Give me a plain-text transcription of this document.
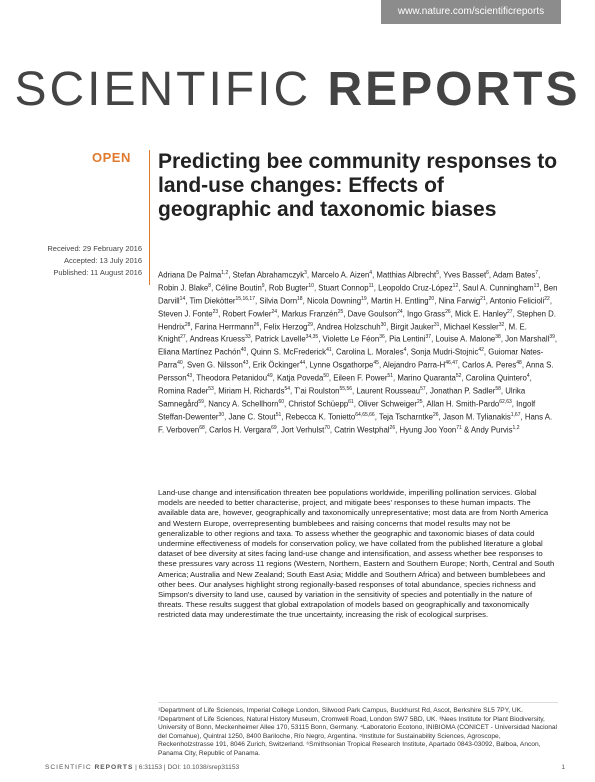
www.nature.com/scientificreports
SCIENTIFIC REPORTS
OPEN Predicting bee community responses to land-use changes: Effects of geographic and taxonomic biases
Received: 29 February 2016
Accepted: 13 July 2016
Published: 11 August 2016 Adriana De Palma$^{1,2}$, Stefan Abrahamczyk$^3$, Marcelo A. Aizen$^4$, Matthias Albrecht$^5$, Yves Basset$^6$, Adam Bates$^7$, Robin J. Blake$^8$, Céline Boutin$^9$, Rob Bugter$^{10}$, Stuart Connop$^{11}$, Leopoldo Cruz-López$^{12}$, Saul A. Cunningham$^{13}$, Ben Darvill$^{14}$, Tim Diekötter$^{15,16,17}$, Silvia Dorn$^{18}$, Nicola Downing$^{19}$, Martin H. Entling$^{20}$, Nina Farwig$^{21}$, Antonio Felicioli$^{22}$, Steven J. Fonte$^{23}$, Robert Fowler$^{24}$, Markus Franzén$^{25}$, Dave Goulson$^{24}$, Ingo Grass$^{26}$, Mick E. Hanley$^{27}$, Stephen D. Hendrix$^{28}$, Farina Herrmann$^{26}$, Felix Herzog$^{29}$, Andrea Holzschuh$^{30}$, Birgit Jauker$^{31}$, Michael Kessler$^{32}$, M. E. Knight$^{27}$, Andreas Kruess$^{33}$, Patrick Lavelle$^{34,35}$, Violette Le Féon$^{36}$, Pia Lentini$^{37}$, Louise A. Malone$^{38}$, Jon Marshall$^{39}$, Eliana Martínez Pachón$^{40}$, Quinn S. McFrederick$^{41}$, Carolina L. Morales$^4$, Sonja Mudri-Stojnic$^{42}$, Guiomar Nates-Parra$^{40}$, Sven G. Nilsson$^{43}$, Erik Öckinger$^{44}$, Lynne Osgathorpe$^{45}$, Alejandro Parra-$H^{46,47}$, Carlos A. Peres$^{48}$, Anna S. Persson$^{43}$, Theodora Petanidou$^{49}$, Katja Poveda$^{50}$, Eileen F. Power$^{51}$, Marino Quaranta$^{52}$, Carolina Quintero$^4$, Romina Rader$^{53}$, Miriam H. Richards$^{54}$, T'ai Roulston$^{55,56}$, Laurent Rousseau$^{57}$, Jonathan P. Sadler$^{58}$, Ulrika Samnegård$^{59}$, Nancy A. Schellhorn$^{60}$, Christof Schüepp$^{61}$, Oliver Schweiger$^{25}$, Allan H. Smith-Pardo$^{62,63}$, Ingolf Steffan-Dewenter$^{30}$, Jane C. Stout$^{51}$, Rebecca K. Tonietto$^{64,65,66}$, Teja Tscharntke$^{26}$, Jason M. Tylianakis$^{1,67}$, Hans A. F. Verboven$^{68}$, Carlos H. Vergara$^{69}$, Jort Verhulst$^{70}$, Catrin Westphal$^{26}$, Hyung Joo Yoon$^{71}$ & Andy Purvis$^{1,2}$

Land-use change and intensification threaten bee populations worldwide, imperilling pollination services. Global models are needed to better characterise, project, and mitigate bees' responses to these human impacts. The available data are, however, geographically and taxonomically unrepresentative; most data are from North America and Western Europe, overrepresenting bumblebees and raising concerns that model results may not be generalizable to other regions and taxa. To assess whether the geographic and taxonomic biases of data could undermine effectiveness of models for conservation policy, we have collated from the published literature a global dataset of bee diversity at sites facing land-use change and intensification, and assess whether bee responses to these pressures vary across 11 regions (Western, Northern, Eastern and Southern Europe; North, Central and South America; Australia and New Zealand; South East Asia; Middle and Southern Africa) and between bumblebees and other bees. Our analyses highlight strong regionally-based responses of total abundance, species richness and Simpson's diversity to land use, caused by variation in the sensitivity of species and potentially in the nature of threats. These results suggest that global extrapolation of models based on geographically and taxonomically restricted data may underestimate the true uncertainty, increasing the risk of ecological surprises.

¹Department of Life Sciences, Imperial College London, Silwood Park Campus, Buckhurst Rd, Ascot, Berkshire SL5 7PY, UK. ²Department of Life Sciences, Natural History Museum, Cromwell Road, London SW7 5BD, UK. ³Nees Institute for Plant Biodiversity, University of Bonn, Meckenheimer Allee 170, 53115 Bonn, Germany. ⁴Laboratorio Ecotono, INIBIOMA (CONICET - Universidad Nacional del Comahue), Quintral 1250, 8400 Bariloche, Río Negro, Argentina. ⁵Institute for Sustainability Sciences, Agroscope, Reckenholzstrasse 191, 8046 Zurich, Switzerland. ⁶Smithsonian Tropical Research Institute, Apartado 0843-03092, Balboa, Ancon, Panama City, Republic of Panama.

SCIENTIFIC REPORTS | 6:31153 | DOI: 10.1038/srep31153	1
